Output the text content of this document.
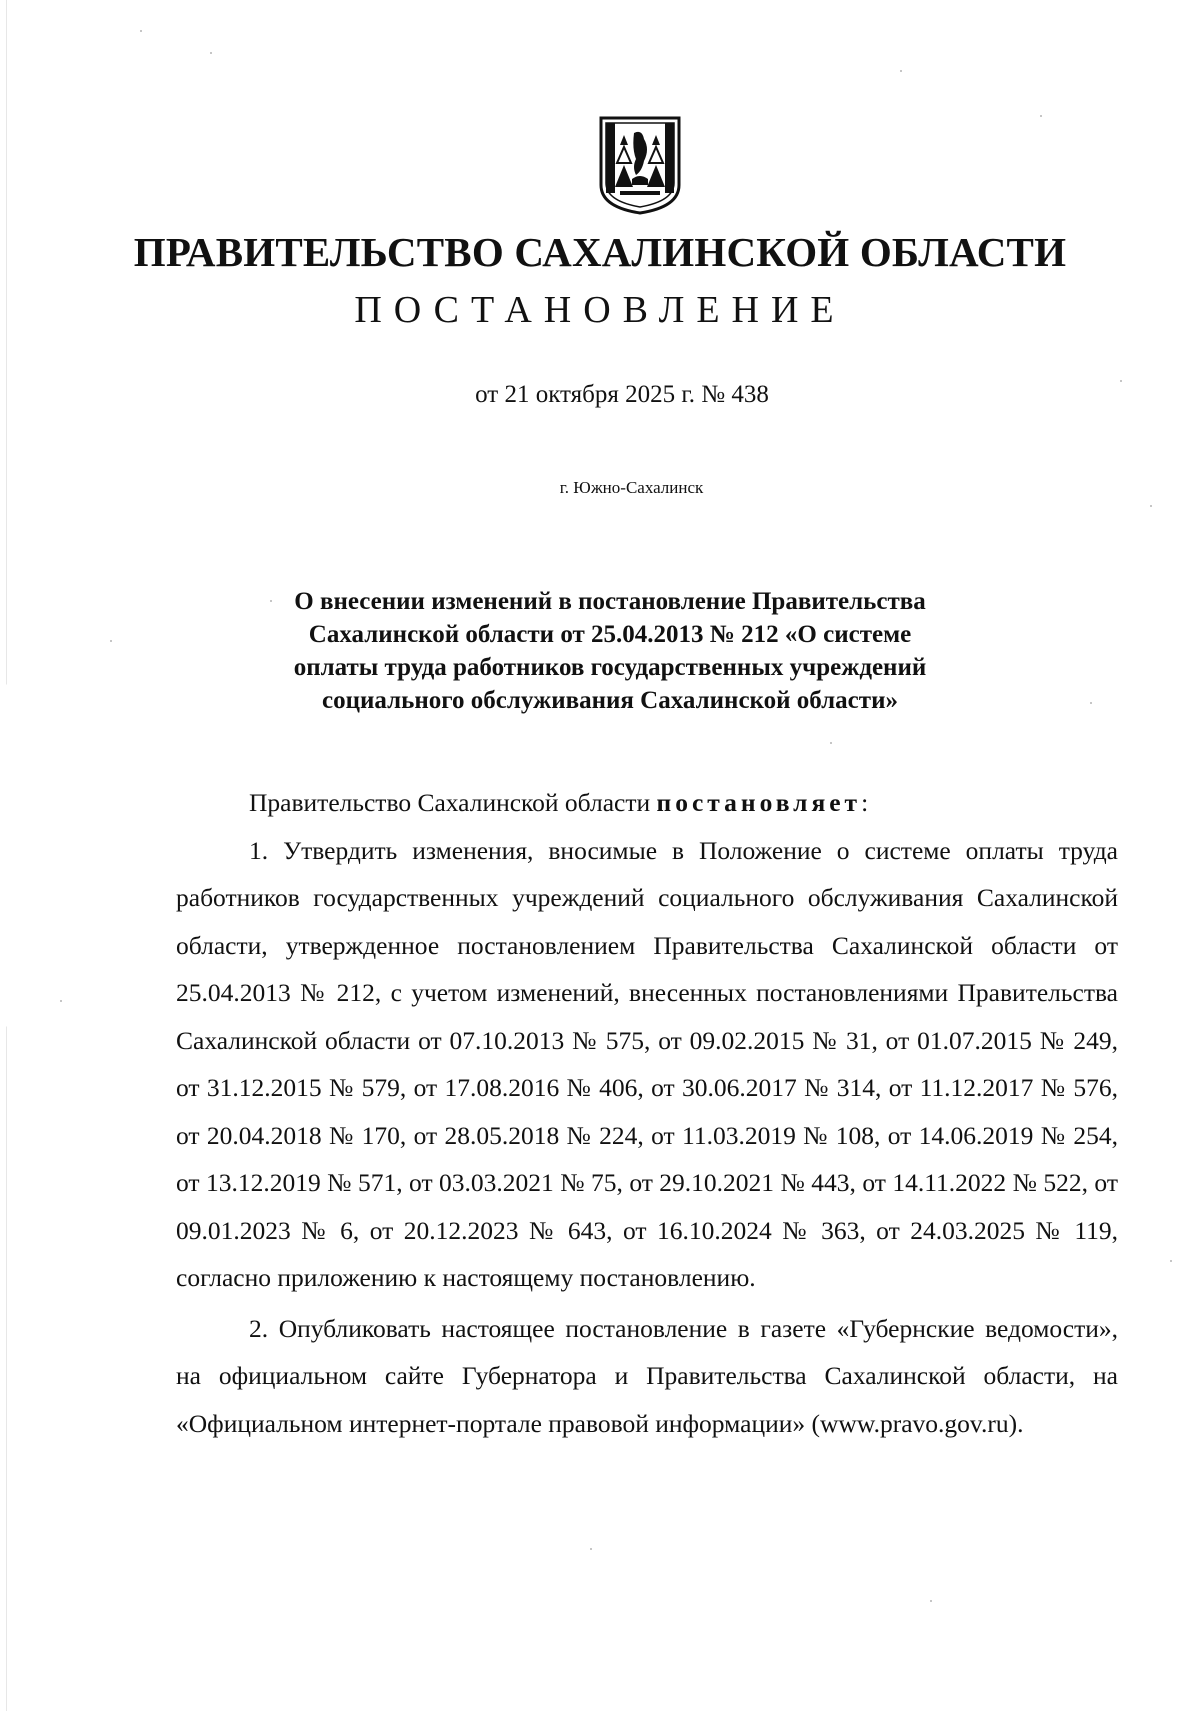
ПРАВИТЕЛЬСТВО САХАЛИНСКОЙ ОБЛАСТИ
ПОСТАНОВЛЕНИЕ
от 21 октября 2025 г. № 438
г. Южно-Сахалинск
О внесении изменений в постановление Правительства
Сахалинской области от 25.04.2013 № 212 «О системе
оплаты труда работников государственных учреждений
социального обслуживания Сахалинской области»

Правительство Сахалинской области постановляет:

1. Утвердить изменения, вносимые в Положение о системе оплаты труда работников государственных учреждений социального обслуживания Сахалинской области, утвержденное постановлением Правительства Сахалинской области от 25.04.2013 № 212, с учетом изменений, внесенных постановлениями Правительства Сахалинской области от 07.10.2013 № 575, от 09.02.2015 № 31, от 01.07.2015 № 249, от 31.12.2015 № 579, от 17.08.2016 № 406, от 30.06.2017 № 314, от 11.12.2017 № 576, от 20.04.2018 № 170, от 28.05.2018 № 224, от 11.03.2019 № 108, от 14.06.2019 № 254, от 13.12.2019 № 571, от 03.03.2021 № 75, от 29.10.2021 № 443, от 14.11.2022 № 522, от 09.01.2023 № 6, от 20.12.2023 № 643, от 16.10.2024 № 363, от 24.03.2025 № 119, согласно приложению к настоящему постановлению.

2. Опубликовать настоящее постановление в газете «Губернские ведомости», на официальном сайте Губернатора и Правительства Сахалинской области, на «Официальном интернет-портале правовой информации» (www.pravo.gov.ru).
